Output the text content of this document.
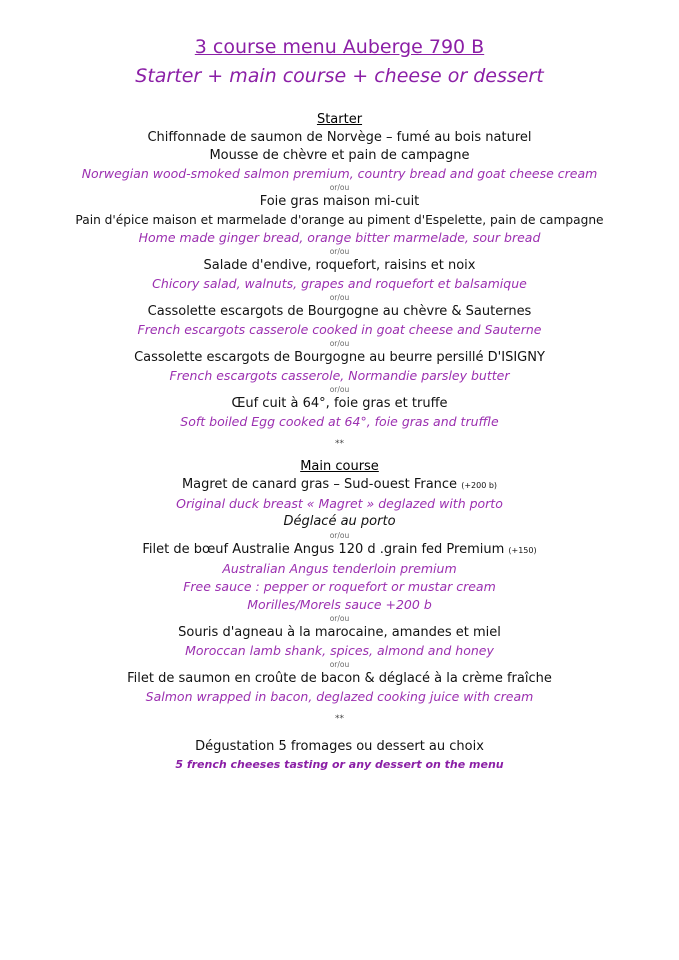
3 course menu Auberge 790 B
Starter + main course + cheese or dessert
Starter
Chiffonnade de saumon de Norvège – fumé au bois naturel
Mousse de chèvre et pain de campagne
Norwegian wood-smoked salmon premium, country bread and goat cheese cream
or/ou
Foie gras maison mi-cuit
Pain d'épice maison et marmelade d'orange au piment d'Espelette, pain de campagne
Home made ginger bread, orange bitter marmelade, sour bread
or/ou
Salade d'endive, roquefort, raisins et noix
Chicory salad, walnuts, grapes and roquefort et balsamique
or/ou
Cassolette escargots de Bourgogne au chèvre & Sauternes
French escargots casserole cooked in goat cheese and Sauterne
or/ou
Cassolette escargots de Bourgogne au beurre persillé D'ISIGNY
French escargots casserole, Normandie parsley butter
or/ou
Œuf cuit à 64°, foie gras et truffe
Soft boiled Egg cooked at 64°, foie gras and truffle
**
Main course
Magret de canard gras – Sud-ouest France (+200 b)
Original duck breast « Magret » deglazed with porto
Déglacé au porto
or/ou
Filet de bœuf Australie Angus 120 d .grain fed Premium (+150)
Australian Angus tenderloin premium
Free sauce : pepper or roquefort or mustar cream
Morilles/Morels sauce +200 b
or/ou
Souris d'agneau à la marocaine, amandes et miel
Moroccan lamb shank, spices, almond and honey
or/ou
Filet de saumon en croûte de bacon & déglacé à la crème fraîche
Salmon wrapped in bacon, deglazed cooking juice with cream
**
Dégustation 5 fromages ou dessert au choix
5 french cheeses tasting or any dessert on the menu
